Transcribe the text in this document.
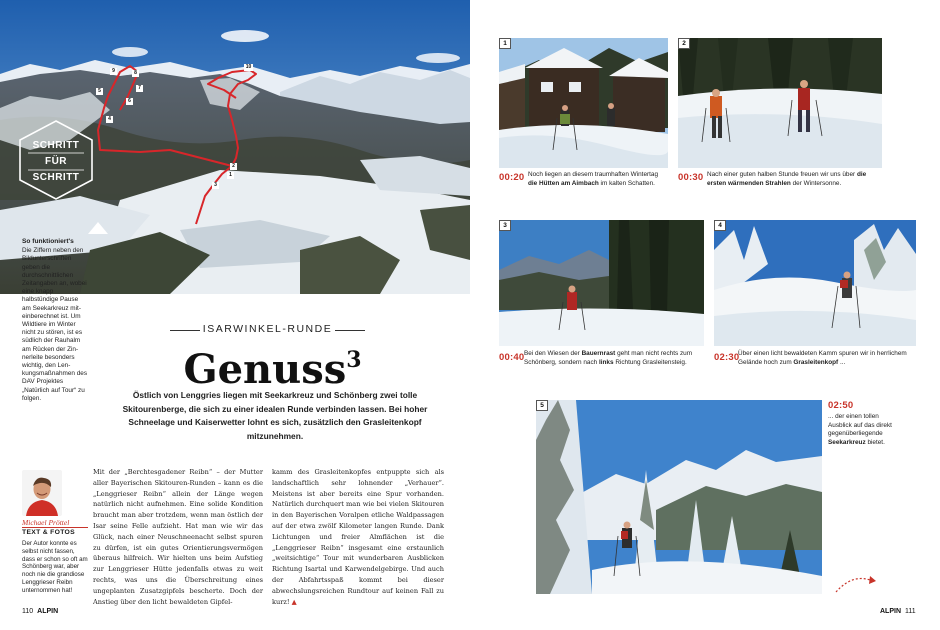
1
2
3
4
5
6
7
8
9
10
SCHRITT
FÜR
SCHRITT
So funktioniert's
Die Ziffern neben den Bildunterschriften geben die durchschnittlichen Zeitangaben an, wobei eine knapp halbstündige Pause am Seekarkreuz miteinberechnet ist. Um Wildtiere im Winter nicht zu stören, ist es südlich der Rauhalm am Rücken der Zinnerleite besonders wichtig, den Lenkungsmaßnahmen des DAV Projektes „Natürlich auf Tour“ zu folgen.
ISARWINKEL-RUNDE
Genuss$^3$
Östlich von Lenggries liegen mit Seekarkreuz und Schönberg zwei tolle Skitourenberge, die sich zu einer idealen Runde verbinden lassen. Bei hoher Schneelage und Kaiserwetter lohnt es sich, zusätzlich den Grasleitenkopf mitzunehmen.
Michael Pröttel
TEXT & FOTOS
Der Autor konnte es selbst nicht fassen, dass er schon so oft am Schönberg war, aber noch nie die grandiose Lenggrieser Reibn unternommen hat!
Mit der „Berchtesgadener Reibn“ – der Mutter aller Bayerischen Skitouren-Runden – kann es die „Lenggrieser Reibn“ allein der Länge wegen natürlich nicht aufnehmen. Eine solide Kondition braucht man aber trotzdem, wenn man östlich der Isar seine Felle aufzieht. Hat man wie wir das Glück, nach einer Neuschneenacht selbst spuren zu dürfen, ist ein gutes Orientierungsvermögen überaus hilfreich. Wir hielten uns beim Aufstieg zur Lenggrieser Hütte jedenfalls etwas zu weit rechts, was uns die Überschreitung eines ungeplanten Zusatzgipfels bescherte. Doch der Anstieg über den licht bewaldeten Gipfel-
kamm des Grasleitenkopfes entpuppte sich als landschaftlich sehr lohnender „Verhauer“. Meistens ist aber bereits eine Spur vorhanden. Natürlich durchquert man wie bei vielen Skitouren in den Bayerischen Voralpen etliche Waldpassagen auf der etwa zwölf Kilometer langen Runde. Dank Lichtungen und freier Almflächen ist die „Lenggrieser Reibn“ insgesamt eine erstaunlich „weitsichtige“ Tour mit wunderbaren Ausblicken Richtung Isartal und Karwendelgebirge. Und auch der Abfahrtsspaß kommt bei dieser abwechslungsreichen Rundtour auf keinen Fall zu kurz! ▲
110 ALPIN
1
00:20 Noch liegen an diesem traumhaften Wintertag die Hütten am Aimbach im kalten Schatten.
2
00:30 Nach einer guten halben Stunde freuen wir uns über die ersten wärmenden Strahlen der Wintersonne.
3
00:40 Bei den Wiesen der Bauernrast geht man nicht rechts zum Schönberg, sondern nach links Richtung Grasleitensteig.
4
02:30
Über einen licht bewaldeten Kamm spuren wir in herrlichem Gelände hoch zum Grasleitenkopf ...
5	02:50
... der einen tollen Ausblick auf das direkt gegenüberliegende Seekarkreuz bietet.
ALPIN 111
